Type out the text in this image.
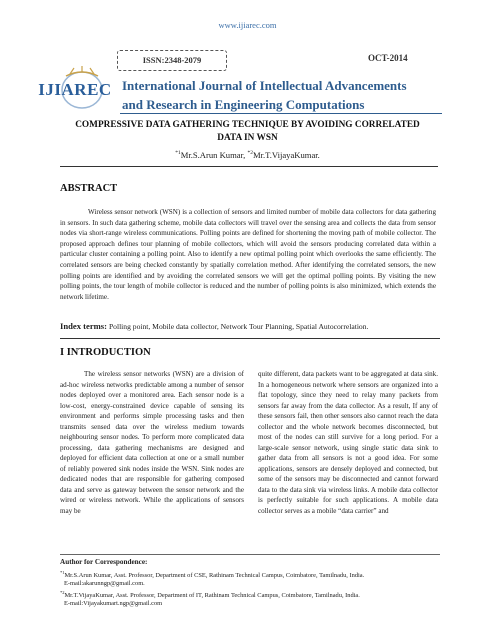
www.ijiarec.com
ISSN:2348-2079	OCT-2014
IJIAREC International Journal of Intellectual Advancements
and Research in Engineering Computations
COMPRESSIVE DATA GATHERING TECHNIQUE BY AVOIDING CORRELATED
DATA IN WSN
$^{*1}$Mr.S.Arun Kumar, $^{*2}$Mr.T.VijayaKumar.
ABSTRACT
Wireless sensor network (WSN) is a collection of sensors and limited number of mobile data collectors for data gathering in sensors. In such data gathering scheme, mobile data collectors will travel over the sensing area and collects the data from sensor nodes via short-range wireless communications. Polling points are defined for shortening the moving path of mobile collector. The proposed approach defines tour planning of mobile collectors, which will avoid the sensors producing correlated data within a particular cluster containing a polling point. Also to identify a new optimal polling point which overlooks the same efficiently. The correlated sensors are being checked constantly by spatially correlation method. After identifying the correlated sensors, the new polling points are identified and by avoiding the correlated sensors we will get the optimal polling points. By visiting the new polling points, the tour length of mobile collector is reduced and the number of polling points is also minimized, which extends the network lifetime.
Index terms: Polling point, Mobile data collector, Network Tour Planning, Spatial Autocorrelation.
I INTRODUCTION
The wireless sensor networks (WSN) are a division of ad-hoc wireless networks predictable among a number of sensor nodes deployed over a monitored area. Each sensor node is a low-cost, energy-constrained device capable of sensing its environment and performs simple processing tasks and then transmits sensed data over the wireless medium towards neighbouring sensor nodes. To perform more complicated data processing, data gathering mechanisms are designed and deployed for efficient data collection at one or a small number of reliably powered sink nodes inside the WSN. Sink nodes are dedicated nodes that are responsible for gathering composed data and serve as gateway between the sensor network and the wired or wireless network. While the applications of sensors may be
quite different, data packets want to be aggregated at data sink. In a homogeneous network where sensors are organized into a flat topology, since they need to relay many packets from sensors far away from the data collector. As a result, If any of these sensors fail, then other sensors also cannot reach the data collector and the whole network becomes disconnected, but most of the nodes can still survive for a long period. For a large-scale sensor network, using single static data sink to gather data from all sensors is not a good idea. For some applications, sensors are densely deployed and connected, but some of the sensors may be disconnected and cannot forward data to the data sink via wireless links. A mobile data collector is perfectly suitable for such applications. A mobile data collector serves as a mobile “data carrier” and
Author for Correspondence:
$^{*1}$Mr.S.Arun Kumar, Asst. Professor, Department of CSE, Rathinam Technical Campus, Coimbatore, Tamilnadu, India.
E-mail:akarunngp@gmail.com.
$^{*2}$Mr.T.VijayaKumar, Asst. Professor, Department of IT, Rathinam Technical Campus, Coimbatore, Tamilnadu, India.
E-mail:Vijayakumart.ngp@gmail.com
